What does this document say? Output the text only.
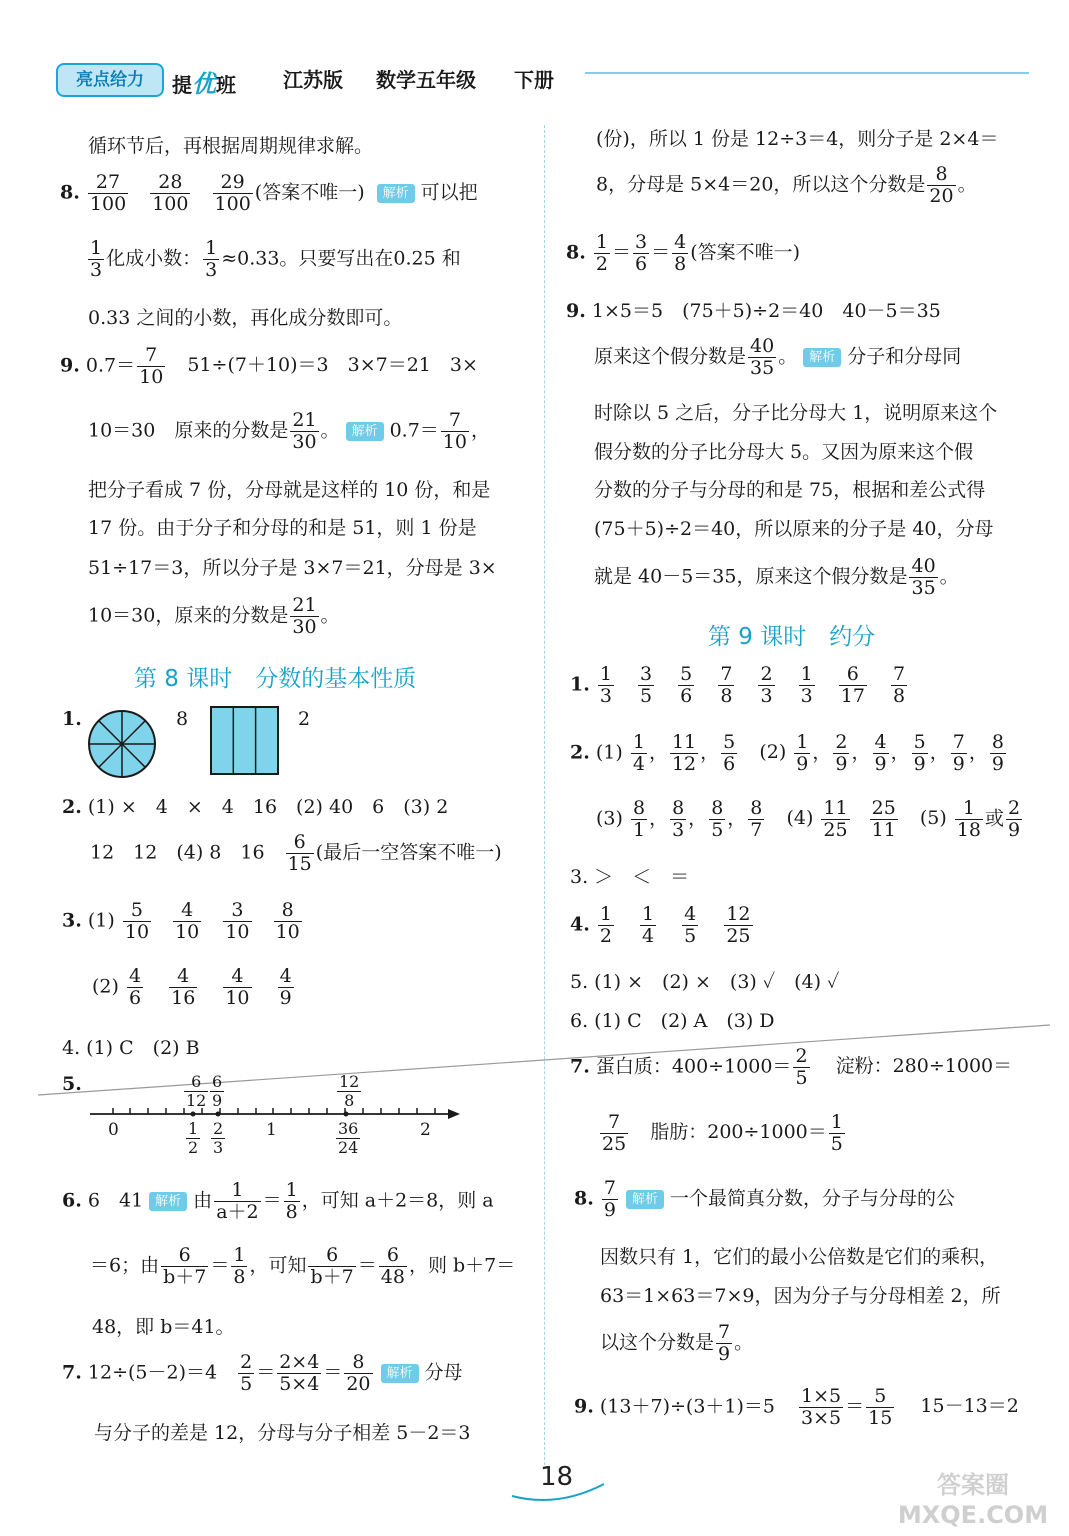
亮点给力	提优班 江苏版 数学五年级 下册
循环节后，再根据周期规律求解。
8. $\frac{27}{100}$
$\frac{28}{100}$
$\frac{29}{100}$ (答案不唯一) 解析 可以把
$\frac{1}{3}$ 化成小数： $\frac{1}{3} \approx 0.33$。只要写出在0.25 和
0.33 之间的小数，再化成分数即可。
9. $0.7= \frac{7}{10} 51\div(7+10)=3$　3×7＝21　3×
10＝30　原来的分数是 $\frac{21}{30}$ 。 解析 $0.7= \frac{7}{10}$ ，
把分子看成 7 份，分母就是这样的 10 份，和是
17 份。由于分子和分母的和是 51，则 1 份是
51÷17＝3，所以分子是 3×7＝21，分母是 3×
10＝30，原来的分数是 $\frac{21}{30}$ 。
第 8 课时　分数的基本性质
1.	8	2
2. (1) ×　4　×　4　16　(2) 40　6　(3) 2
12　12　(4) 8　16　 $\frac{6}{15}$ (最后一空答案不唯一)
3. $(1) \frac{5}{10}$
$\frac{4}{10}$
$\frac{3}{10}$
$\frac{8}{10}$
$(2) \frac{4}{6}$
$\frac{4}{16}$
$\frac{4}{10}$
$\frac{4}{9}$
4. (1) C　(2) B
5.	$\frac{6}{12} \frac{6}{9}$	$\frac{12}{8}$
0	1	2
$\frac{1}{2} \frac{2}{3}$	$\frac{36}{24}$
6. 6　41 解析 由 $\frac{1}{a+2} = \frac{1}{8}$ ，可知 a＋2＝8，则 a
＝6；由 $\frac{6}{b+7} = \frac{1}{8}$ ，可知 $\frac{6}{b+7} = \frac{6}{48}$ ，则 b＋7＝
48，即 b＝41。
7. 12÷(5－2)＝4　 $\frac{2}{5} = \frac{2\times 4}{5\times 4} = \frac{8}{20}$ 解析 分母
与分子的差是 12，分母与分子相差 5－2＝3
(份)，所以 1 份是 12÷3＝4，则分子是 2×4＝
8，分母是 5×4＝20，所以这个分数是 $\frac{8}{20}$ 。
8. $\frac{1}{2} = \frac{3}{6} = \frac{4}{8}$ (答案不唯一)
9. 1×5＝5　(75＋5)÷2＝40　40－5＝35
原来这个假分数是 $\frac{40}{35}$ 。 解析 分子和分母同
时除以 5 之后，分子比分母大 1，说明原来这个
假分数的分子比分母大 5。又因为原来这个假
分数的分子与分母的和是 75，根据和差公式得
(75＋5)÷2＝40，所以原来的分子是 40，分母
就是 40－5＝35，原来这个假分数是 $\frac{40}{35}$ 。
第 9 课时　约分
1. $\frac{1}{3}$
$\frac{3}{5}$
$\frac{5}{6}$
$\frac{7}{8}$
$\frac{2}{3}$
$\frac{1}{3}$
$\frac{6}{17}$
$\frac{7}{8}$
2. $(1) \frac{1}{4}$ ， $\frac{11}{12}$ ， $\frac{5}{6} (2) \frac{1}{9}$ ， $\frac{2}{9}$ ， $\frac{4}{9}$ ， $\frac{5}{9}$ ， $\frac{7}{9}$ ， $\frac{8}{9}$
$(3) \frac{8}{1}$ ， $\frac{8}{3}$ ， $\frac{8}{5}$ ， $\frac{8}{7} (4) \frac{11}{25}$
$\frac{25}{11} (5) \frac{1}{18}$ 或 $\frac{2}{9}$
3. ＞　＜　＝
4. $\frac{1}{2}$
$\frac{1}{4}$
$\frac{4}{5}$
$\frac{12}{25}$
5. (1) ×　(2) ×　(3) ✓　(4) ✓
6. (1) C　(2) A　(3) D
7. 蛋白质：$400\div 1000= \frac{2}{5}$ 淀粉：280÷1000＝
$\frac{7}{25}$ 脂肪：$200\div 1000= \frac{1}{5}$
8. $\frac{7}{9}$ 解析 一个最简真分数，分子与分母的公
因数只有 1，它们的最小公倍数是它们的乘积，
63＝1×63＝7×9，因为分子与分母相差 2，所
以这个分数是 $\frac{7}{9}$ 。
9. $(13+7)\div(3+1)=5 \frac{1\times 5}{3\times 5} = \frac{5}{15} 15-13=2$
18	答案圈 MXQE.COM
